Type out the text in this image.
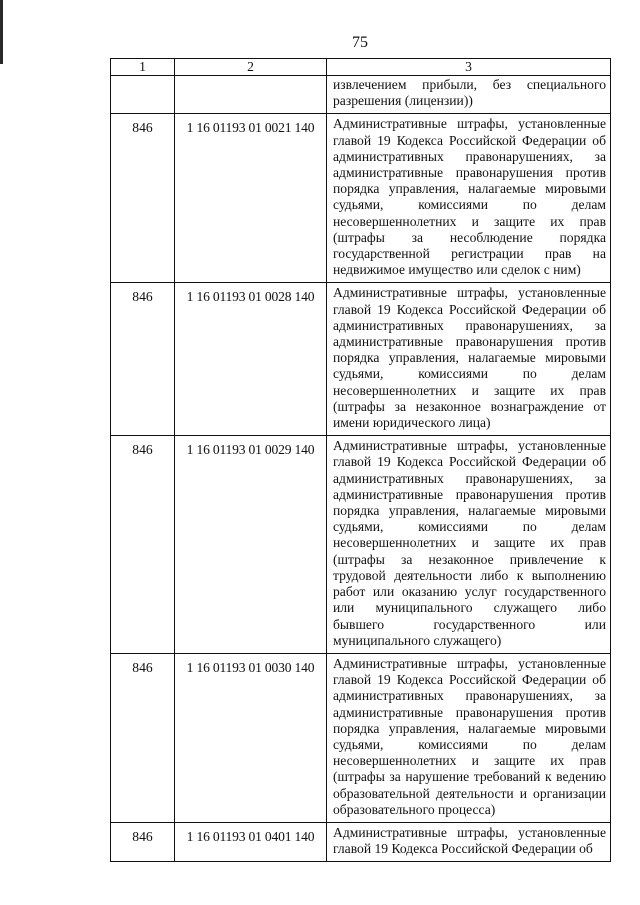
75
1	2	3
		извлечением прибыли, без специального разрешения (лицензии))
846	1 16 01193 01 0021 140	Административные штрафы, установленные главой 19 Кодекса Российской Федерации об административных правонарушениях, за административные правонарушения против порядка управления, налагаемые мировыми судьями, комиссиями по делам несовершеннолетних и защите их прав (штрафы за несоблюдение порядка государственной регистрации прав на недвижимое имущество или сделок с ним)
846	1 16 01193 01 0028 140	Административные штрафы, установленные главой 19 Кодекса Российской Федерации об административных правонарушениях, за административные правонарушения против порядка управления, налагаемые мировыми судьями, комиссиями по делам несовершеннолетних и защите их прав (штрафы за незаконное вознаграждение от имени юридического лица)
846	1 16 01193 01 0029 140	Административные штрафы, установленные главой 19 Кодекса Российской Федерации об административных правонарушениях, за административные правонарушения против порядка управления, налагаемые мировыми судьями, комиссиями по делам несовершеннолетних и защите их прав (штрафы за незаконное привлечение к трудовой деятельности либо к выполнению работ или оказанию услуг государственного или муниципального служащего либо бывшего государственного или муниципального служащего)
846	1 16 01193 01 0030 140	Административные штрафы, установленные главой 19 Кодекса Российской Федерации об административных правонарушениях, за административные правонарушения против порядка управления, налагаемые мировыми судьями, комиссиями по делам несовершеннолетних и защите их прав (штрафы за нарушение требований к ведению образовательной деятельности и организации образовательного процесса)
846	1 16 01193 01 0401 140	Административные штрафы, установленные главой 19 Кодекса Российской Федерации об
